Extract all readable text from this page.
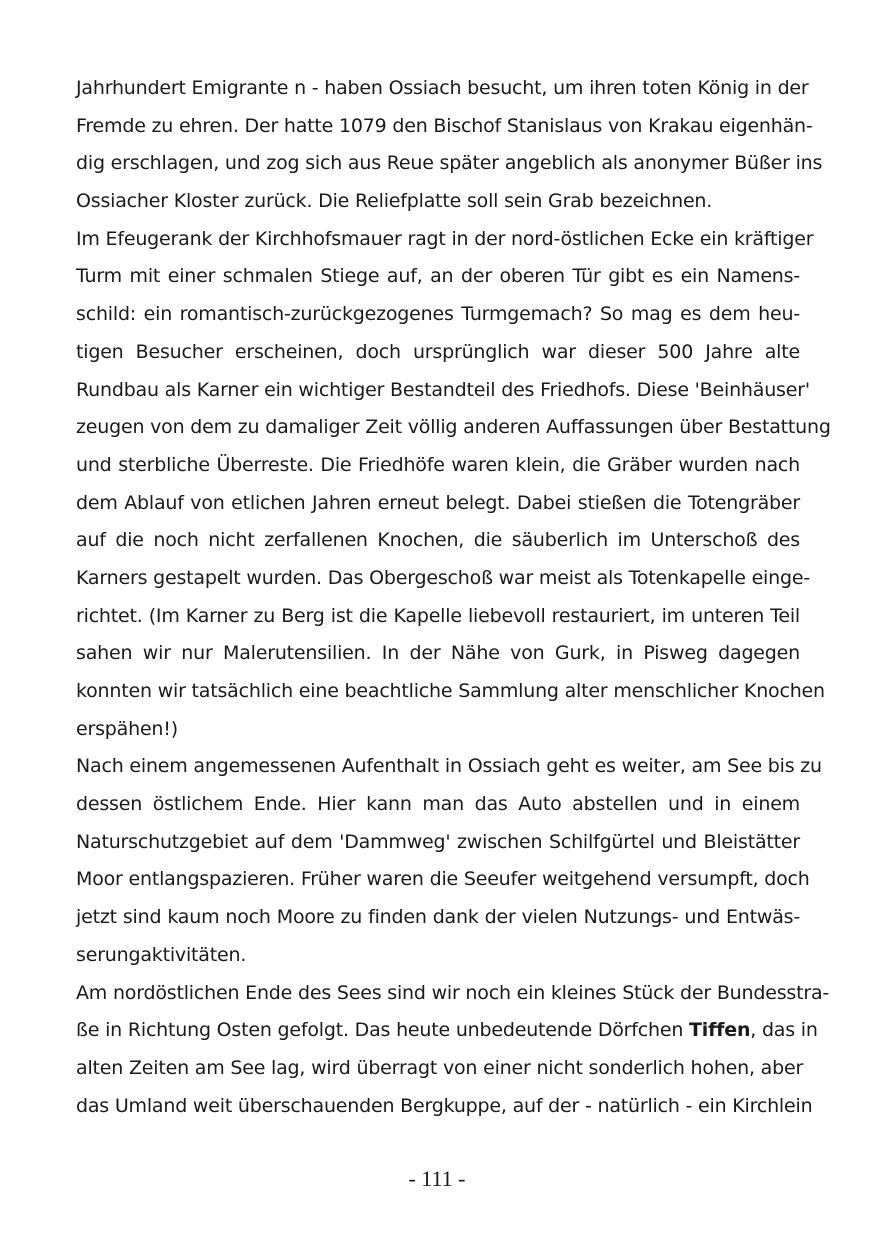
Jahrhundert Emigrante n - haben Ossiach besucht, um ihren toten König in der
Fremde zu ehren. Der hatte 1079 den Bischof Stanislaus von Krakau eigenhän-
dig erschlagen, und zog sich aus Reue später angeblich als anonymer Büßer ins
Ossiacher Kloster zurück. Die Reliefplatte soll sein Grab bezeichnen.
Im Efeugerank der Kirchhofsmauer ragt in der nord-östlichen Ecke ein kräftiger
Turm mit einer schmalen Stiege auf, an der oberen Tür gibt es ein Namens-
schild: ein romantisch-zurückgezogenes Turmgemach? So mag es dem heu-
tigen Besucher erscheinen, doch ursprünglich war dieser 500 Jahre alte
Rundbau als Karner ein wichtiger Bestandteil des Friedhofs. Diese 'Beinhäuser'
zeugen von dem zu damaliger Zeit völlig anderen Auffassungen über Bestattung
und sterbliche Überreste. Die Friedhöfe waren klein, die Gräber wurden nach
dem Ablauf von etlichen Jahren erneut belegt. Dabei stießen die Totengräber
auf die noch nicht zerfallenen Knochen, die säuberlich im Unterschoß des
Karners gestapelt wurden. Das Obergeschoß war meist als Totenkapelle einge-
richtet. (Im Karner zu Berg ist die Kapelle liebevoll restauriert, im unteren Teil
sahen wir nur Malerutensilien. In der Nähe von Gurk, in Pisweg dagegen
konnten wir tatsächlich eine beachtliche Sammlung alter menschlicher Knochen
erspähen!)
Nach einem angemessenen Aufenthalt in Ossiach geht es weiter, am See bis zu
dessen östlichem Ende. Hier kann man das Auto abstellen und in einem
Naturschutzgebiet auf dem 'Dammweg' zwischen Schilfgürtel und Bleistätter
Moor entlangspazieren. Früher waren die Seeufer weitgehend versumpft, doch
jetzt sind kaum noch Moore zu finden dank der vielen Nutzungs- und Entwäs-
serungaktivitäten.
Am nordöstlichen Ende des Sees sind wir noch ein kleines Stück der Bundesstra-
ße in Richtung Osten gefolgt. Das heute unbedeutende Dörfchen Tiffen, das in
alten Zeiten am See lag, wird überragt von einer nicht sonderlich hohen, aber
das Umland weit überschauenden Bergkuppe, auf der - natürlich - ein Kirchlein
- 111 -
